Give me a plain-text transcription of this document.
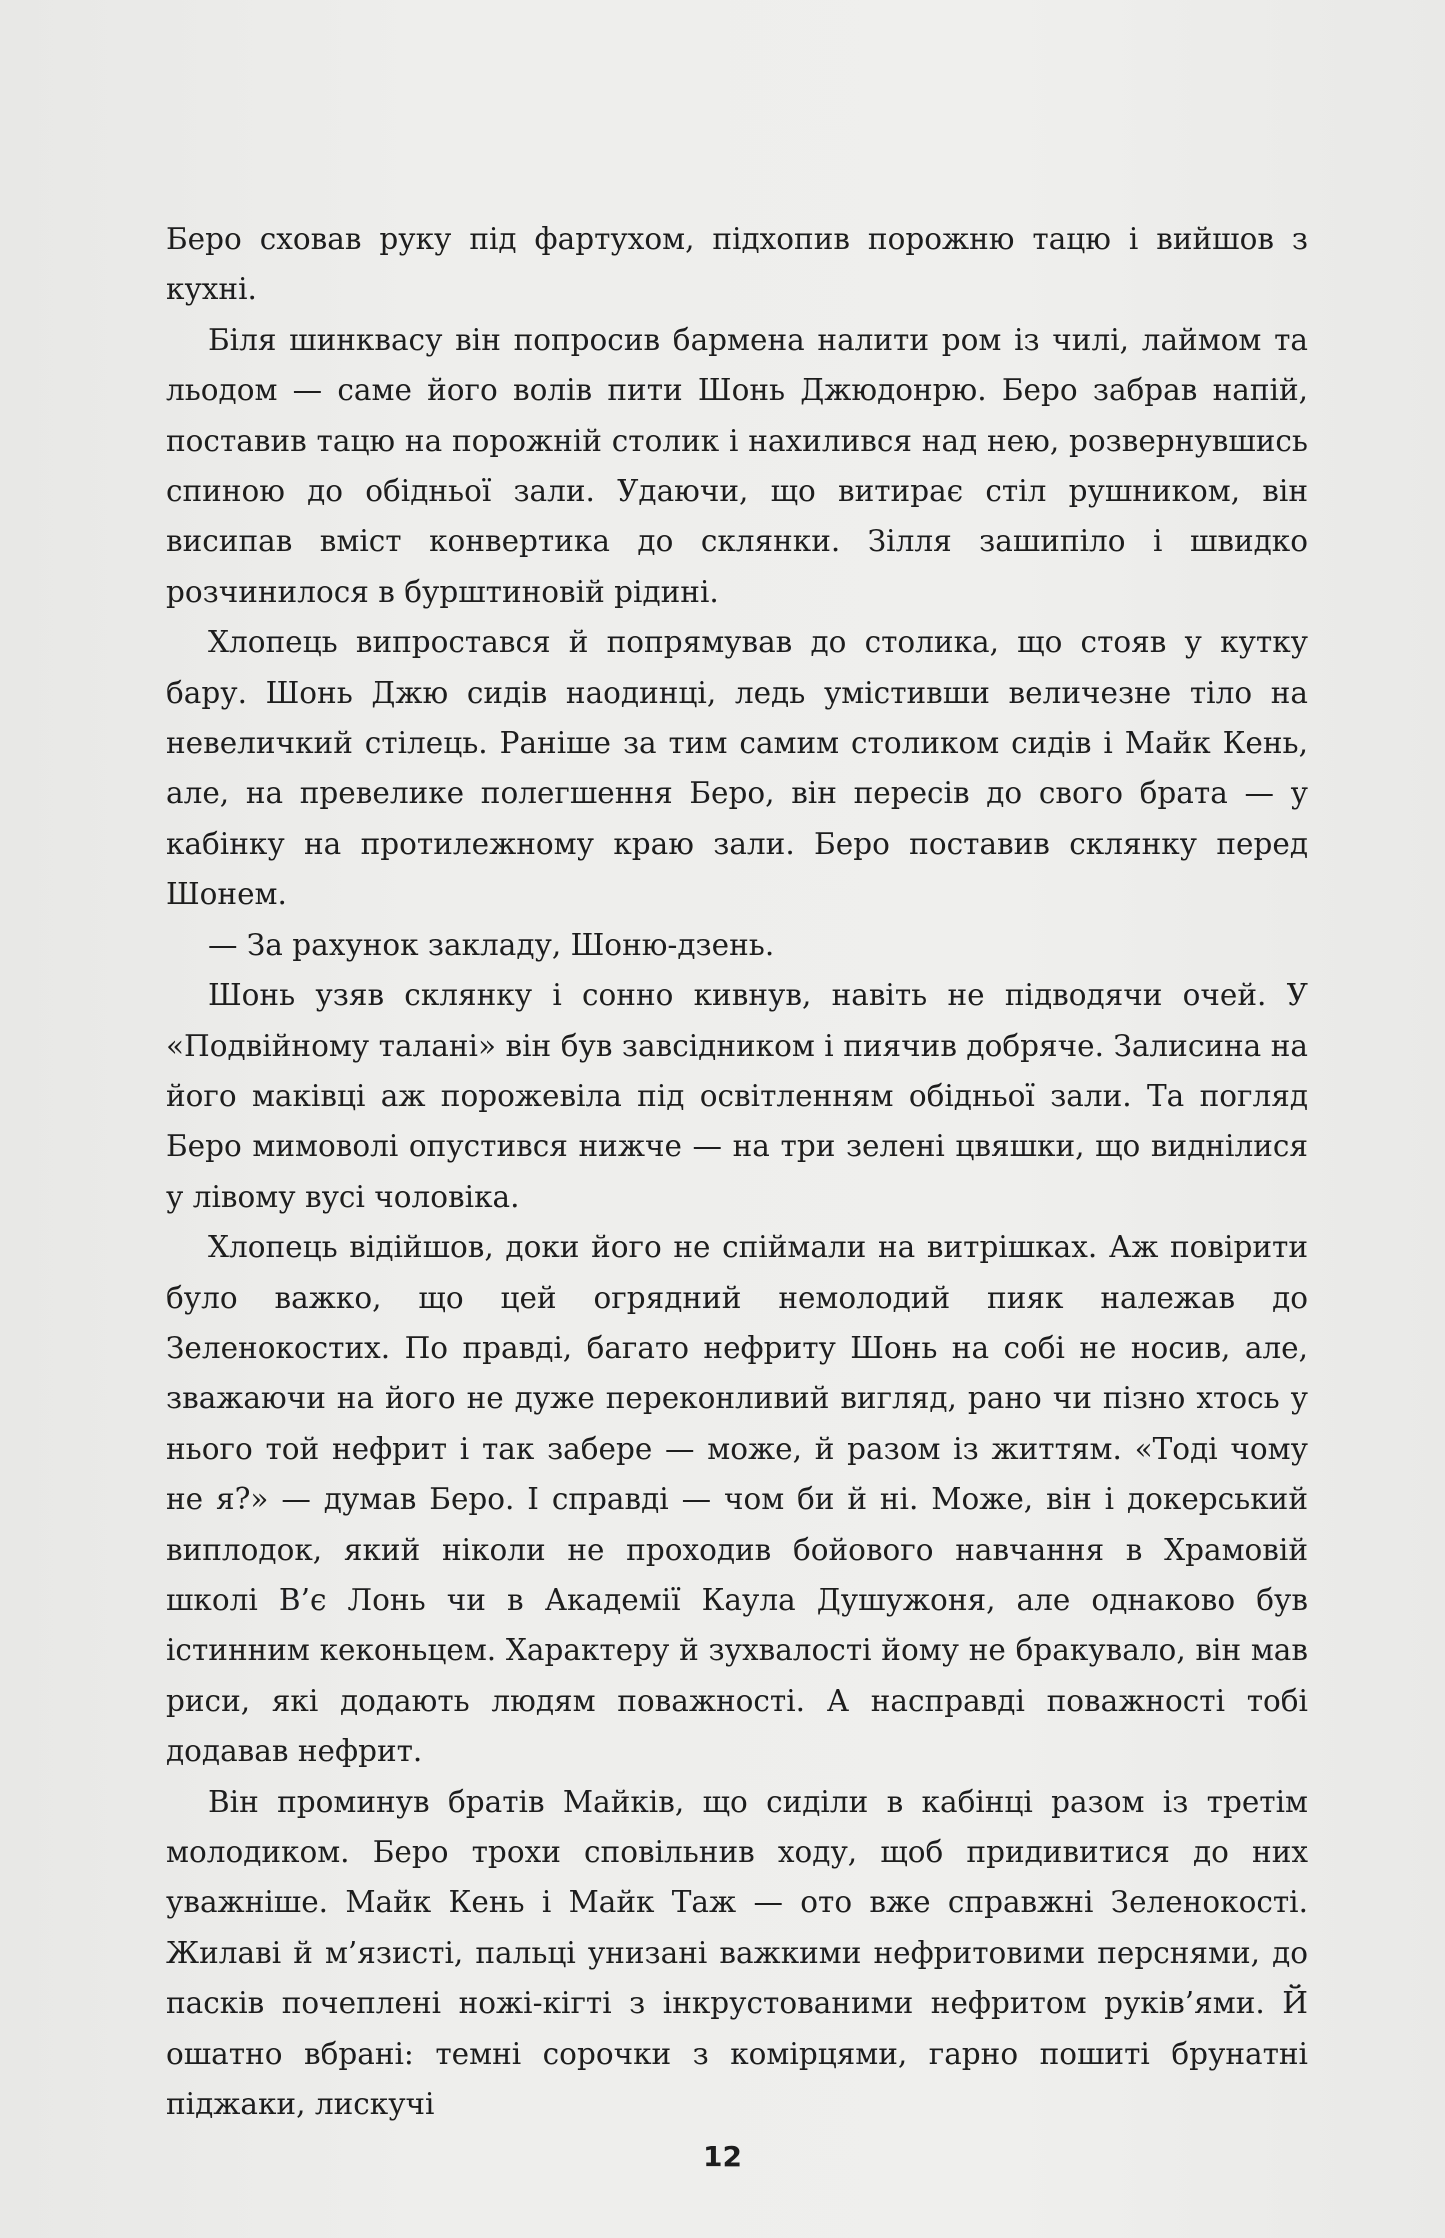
Беро сховав руку під фартухом, підхопив порожню тацю і вийшов з кухні.

Біля шинквасу він попросив бармена налити ром із чилі, лаймом та льодом — саме його волів пити Шонь Джюдонрю. Беро забрав напій, поставив тацю на порожній столик і нахилився над нею, розвернувшись спиною до обідньої зали. Удаючи, що витирає стіл рушником, він висипав вміст конвертика до склянки. Зілля зашипіло і швидко розчинилося в бурштиновій рідині.

Хлопець випростався й попрямував до столика, що стояв у кутку бару. Шонь Джю сидів наодинці, ледь умістивши величезне тіло на невеличкий стілець. Раніше за тим самим столиком сидів і Майк Кень, але, на превелике полегшення Беро, він пересів до свого брата — у кабінку на протилежному краю зали. Беро поставив склянку перед Шонем.

— За рахунок закладу, Шоню-дзень.

Шонь узяв склянку і сонно кивнув, навіть не підводячи очей. У «Подвійному талані» він був завсідником і пиячив добряче. Залисина на його маківці аж порожевіла під освітленням обідньої зали. Та погляд Беро мимоволі опустився нижче — на три зелені цвяшки, що виднілися у лівому вусі чоловіка.

Хлопець відійшов, доки його не спіймали на витрішках. Аж повірити було важко, що цей огрядний немолодий пияк належав до Зеленокостих. По правді, багато нефриту Шонь на собі не носив, але, зважаючи на його не дуже переконливий вигляд, рано чи пізно хтось у нього той нефрит і так забере — може, й разом із життям. «Тоді чому не я?» — думав Беро. І справді — чом би й ні. Може, він і докерський виплодок, який ніколи не проходив бойового навчання в Храмовій школі В’є Лонь чи в Академії Каула Душужоня, але однаково був істинним кеконьцем. Характеру й зухвалості йому не бракувало, він мав риси, які додають людям поважності. А насправді поважності тобі додавав нефрит.

Він проминув братів Майків, що сиділи в кабінці разом із третім молодиком. Беро трохи сповільнив ходу, щоб придивитися до них уважніше. Майк Кень і Майк Таж — ото вже справжні Зеленокості. Жилаві й м’язисті, пальці унизані важкими нефритовими перснями, до пасків почеплені ножі-кігті з інкрустованими нефритом руків’ями. Й ошатно вбрані: темні сорочки з комірцями, гарно пошиті брунатні піджаки, лискучі

12
